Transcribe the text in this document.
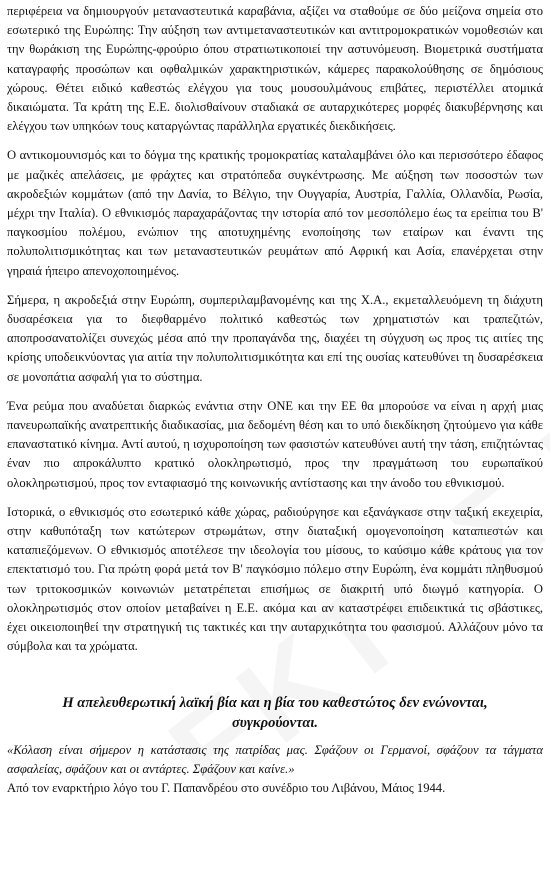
περιφέρεια να δημιουργούν μεταναστευτικά καραβάνια, αξίζει να σταθούμε σε δύο μείζονα σημεία στο εσωτερικό της Ευρώπης: Την αύξηση των αντιμεταναστευτικών και αντιτρομοκρατικών νομοθεσιών και την θωράκιση της Ευρώπης-φρούριο όπου στρατιωτικοποιεί την αστυνόμευση. Βιομετρικά συστήματα καταγραφής προσώπων και οφθαλμικών χαρακτηριστικών, κάμερες παρακολούθησης σε δημόσιους χώρους. Θέτει ειδικό καθεστώς ελέγχου για τους μουσουλμάνους επιβάτες, περιστέλλει ατομικά δικαιώματα. Τα κράτη της Ε.Ε. διολισθαίνουν σταδιακά σε αυταρχικότερες μορφές διακυβέρνησης και ελέγχου των υπηκόων τους καταργώντας παράλληλα εργατικές διεκδικήσεις.

Ο αντικομουνισμός και το δόγμα της κρατικής τρομοκρατίας καταλαμβάνει όλο και περισσότερο έδαφος με μαζικές απελάσεις, με φράχτες και στρατόπεδα συγκέντρωσης. Με αύξηση των ποσοστών των ακροδεξιών κομμάτων (από την Δανία, το Βέλγιο, την Ουγγαρία, Αυστρία, Γαλλία, Ολλανδία, Ρωσία, μέχρι την Ιταλία). Ο εθνικισμός παραχαράζοντας την ιστορία από τον μεσοπόλεμο έως τα ερείπια του Β' παγκοσμίου πολέμου, ενώπιον της αποτυχημένης ενοποίησης των εταίρων και έναντι της πολυπολιτισμικότητας και των μεταναστευτικών ρευμάτων από Αφρική και Ασία, επανέρχεται στην γηραιά ήπειρο απενοχοποιημένος.

Σήμερα, η ακροδεξιά στην Ευρώπη, συμπεριλαμβανομένης και της Χ.Α., εκμεταλλευόμενη τη διάχυτη δυσαρέσκεια για το διεφθαρμένο πολιτικό καθεστώς των χρηματιστών και τραπεζιτών, αποπροσανατολίζει συνεχώς μέσα από την προπαγάνδα της, διαχέει τη σύγχυση ως προς τις αιτίες της κρίσης υποδεικνύοντας για αιτία την πολυπολιτισμικότητα και επί της ουσίας κατευθύνει τη δυσαρέσκεια σε μονοπάτια ασφαλή για το σύστημα.

Ένα ρεύμα που αναδύεται διαρκώς ενάντια στην ΟΝΕ και την ΕΕ θα μπορούσε να είναι η αρχή μιας πανευρωπαϊκής ανατρεπτικής διαδικασίας, μια δεδομένη θέση και το υπό διεκδίκηση ζητούμενο για κάθε επαναστατικό κίνημα. Αντί αυτού, η ισχυροποίηση των φασιστών κατευθύνει αυτή την τάση, επιζητώντας έναν πιο απροκάλυπτο κρατικό ολοκληρωτισμό, προς την πραγμάτωση του ευρωπαϊκού ολοκληρωτισμού, προς τον ενταφιασμό της κοινωνικής αντίστασης και την άνοδο του εθνικισμού.

Ιστορικά, ο εθνικισμός στο εσωτερικό κάθε χώρας, ραδιούργησε και εξανάγκασε στην ταξική εκεχειρία, στην καθυπόταξη των κατώτερων στρωμάτων, στην διαταξική ομογενοποίηση καταπιεστών και καταπιεζόμενων. Ο εθνικισμός αποτέλεσε την ιδεολογία του μίσους, το καύσιμο κάθε κράτους για τον επεκτατισμό του. Για πρώτη φορά μετά τον Β' παγκόσμιο πόλεμο στην Ευρώπη, ένα κομμάτι πληθυσμού των τριτοκοσμικών κοινωνιών μετατρέπεται επισήμως σε διακριτή υπό διωγμό κατηγορία. Ο ολοκληρωτισμός στον οποίον μεταβαίνει η Ε.Ε. ακόμα και αν καταστρέφει επιδεικτικά τις σβάστικες, έχει οικειοποιηθεί την στρατηγική τις τακτικές και την αυταρχικότητα του φασισμού. Αλλάζουν μόνο τα σύμβολα και τα χρώματα.

Η απελευθερωτική λαϊκή βία και η βία του καθεστώτος δεν ενώνονται, συγκρούονται.

«Κόλαση είναι σήμερον η κατάστασις της πατρίδας μας. Σφάζουν οι Γερμανοί, σφάζουν τα τάγματα ασφαλείας, σφάζουν και οι αντάρτες. Σφάζουν και καίνε.»

Από τον εναρκτήριο λόγο του Γ. Παπανδρέου στο συνέδριο του Λιβάνου, Μάιος 1944.
